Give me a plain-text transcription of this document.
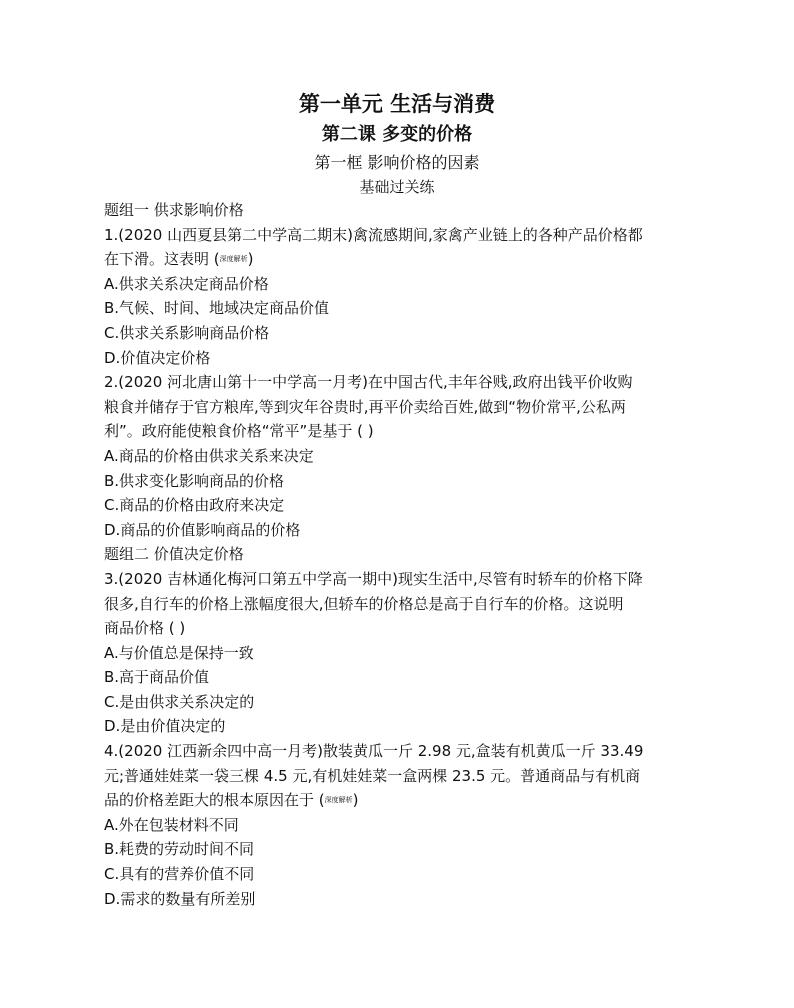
第一单元 生活与消费
第二课 多变的价格
第一框 影响价格的因素
基础过关练
题组一 供求影响价格
1.(2020 山西夏县第二中学高二期末)禽流感期间,家禽产业链上的各种产品价格都
在下滑。这表明 (深度解析)
A.供求关系决定商品价格
B.气候、时间、地域决定商品价值
C.供求关系影响商品价格
D.价值决定价格
2.(2020 河北唐山第十一中学高一月考)在中国古代,丰年谷贱,政府出钱平价收购
粮食并储存于官方粮库,等到灾年谷贵时,再平价卖给百姓,做到“物价常平,公私两
利”。政府能使粮食价格“常平”是基于 ( )
A.商品的价格由供求关系来决定
B.供求变化影响商品的价格
C.商品的价格由政府来决定
D.商品的价值影响商品的价格
题组二 价值决定价格
3.(2020 吉林通化梅河口第五中学高一期中)现实生活中,尽管有时轿车的价格下降
很多,自行车的价格上涨幅度很大,但轿车的价格总是高于自行车的价格。这说明
商品价格 ( )
A.与价值总是保持一致
B.高于商品价值
C.是由供求关系决定的
D.是由价值决定的
4.(2020 江西新余四中高一月考)散装黄瓜一斤 2.98 元,盒装有机黄瓜一斤 33.49
元;普通娃娃菜一袋三棵 4.5 元,有机娃娃菜一盒两棵 23.5 元。普通商品与有机商
品的价格差距大的根本原因在于 (深度解析)
A.外在包装材料不同
B.耗费的劳动时间不同
C.具有的营养价值不同
D.需求的数量有所差别
